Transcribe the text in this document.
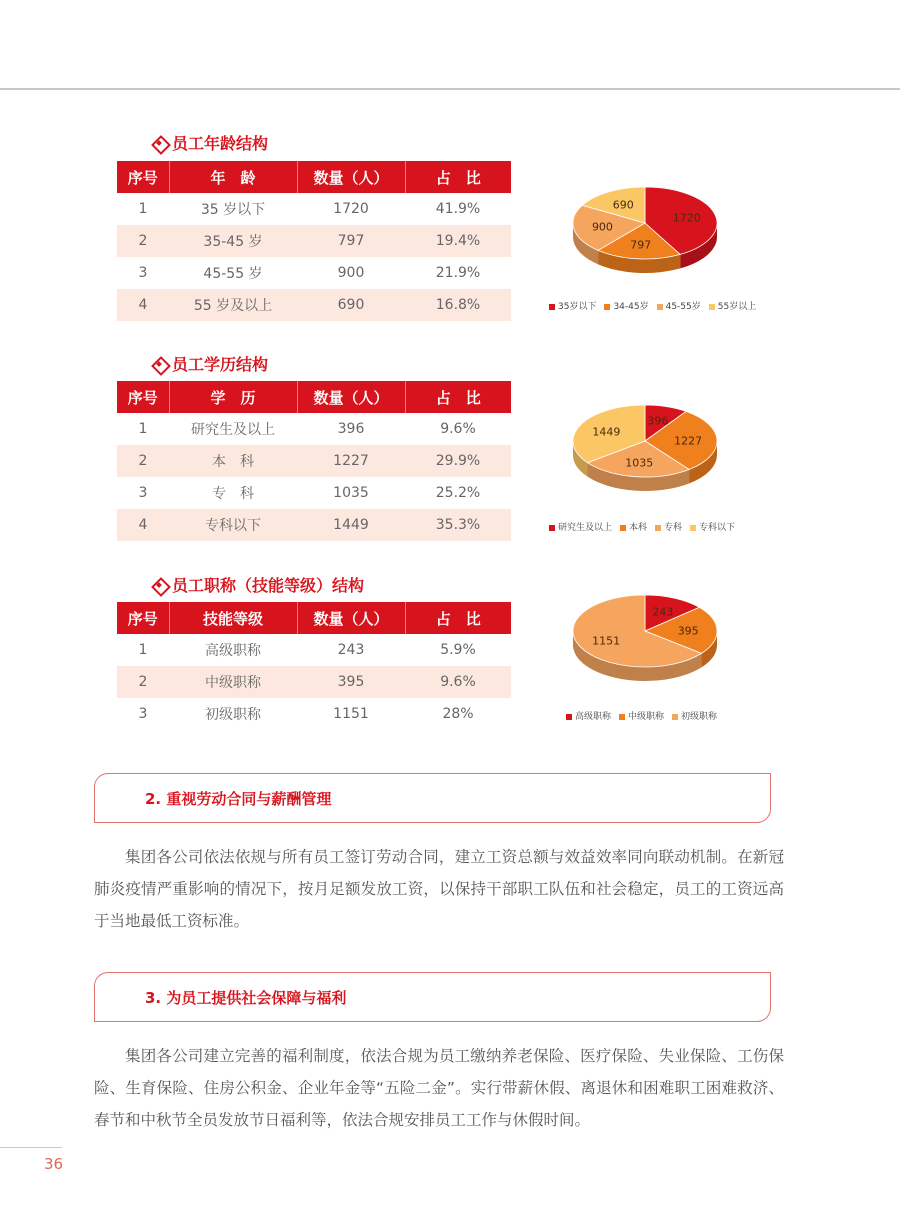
员工年龄结构
序号	年　龄	数量（人）	占　比
1	35 岁以下	1720	41.9%
2	35-45 岁	797	19.4%
3	45-55 岁	900	21.9%
4	55 岁及以上	690	16.8%
1720
797
900
690
35岁以下	34-45岁	45-55岁	55岁以上
员工学历结构
序号	学　历	数量（人）	占　比
1	研究生及以上	396	9.6%
2	本　科	1227	29.9%
3	专　科	1035	25.2%
4	专科以下	1449	35.3%
396
1227
1035
1449
研究生及以上	本科	专科	专科以下
员工职称（技能等级）结构
序号	技能等级	数量（人）	占　比
1	高级职称	243	5.9%
2	中级职称	395	9.6%
3	初级职称	1151	28%
243
395
1151
高级职称	中级职称	初级职称
2. 重视劳动合同与薪酬管理

集团各公司依法依规与所有员工签订劳动合同，建立工资总额与效益效率同向联动机制。在新冠肺炎疫情严重影响的情况下，按月足额发放工资，以保持干部职工队伍和社会稳定，员工的工资远高于当地最低工资标准。

3. 为员工提供社会保障与福利

集团各公司建立完善的福利制度，依法合规为员工缴纳养老保险、医疗保险、失业保险、工伤保险、生育保险、住房公积金、企业年金等“五险二金”。实行带薪休假、离退休和困难职工困难救济、春节和中秋节全员发放节日福利等，依法合规安排员工工作与休假时间。

36
